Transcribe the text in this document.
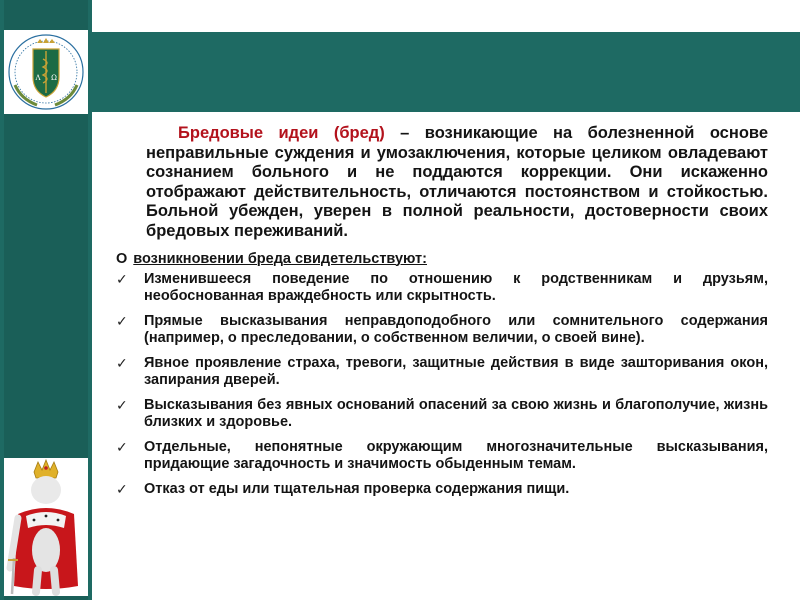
Λ Ω

Бредовые идеи (бред) – возникающие на болезненной основе неправильные суждения и умозаключения, которые целиком овладевают сознанием больного и не поддаются коррекции. Они искаженно отображают действительность, отличаются постоянством и стойкостью. Больной убежден, уверен в полной реальности, достоверности своих бредовых переживаний.

О возникновении бреда свидетельствуют:
✓ Изменившееся поведение по отношению к родственникам и друзьям, необоснованная враждебность или скрытность.
✓ Прямые высказывания неправдоподобного или сомнительного содержания (например, о преследовании, о собственном величии, о своей вине).
✓ Явное проявление страха, тревоги, защитные действия в виде зашторивания окон, запирания дверей.
✓ Высказывания без явных оснований опасений за свою жизнь и благополучие, жизнь близких и здоровье.
✓ Отдельные, непонятные окружающим многозначительные высказывания, придающие загадочность и значимость обыденным темам.
✓ Отказ от еды или тщательная проверка содержания пищи.
